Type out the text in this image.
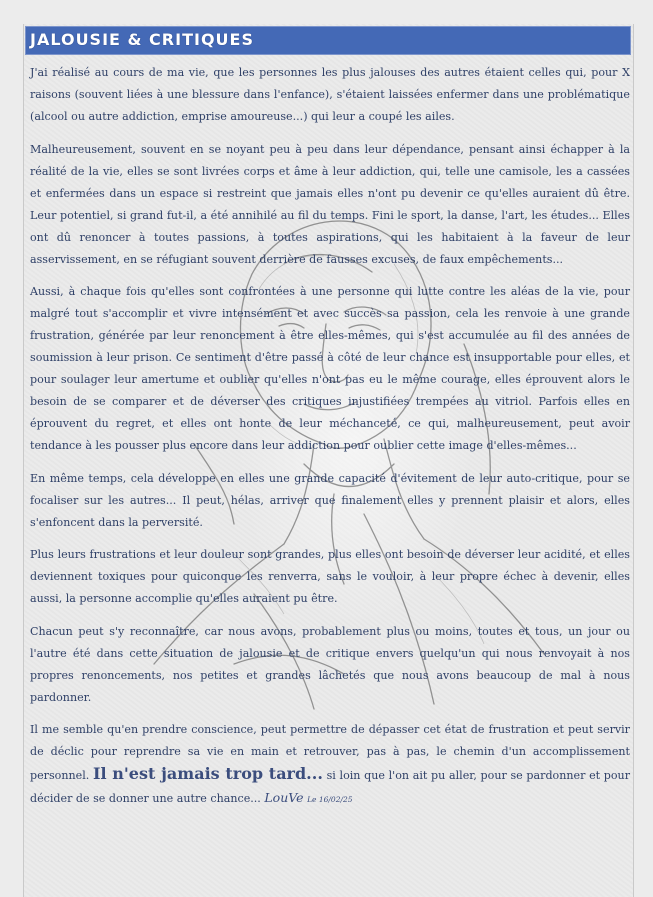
JALOUSIE & CRITIQUES

J'ai réalisé au cours de ma vie, que les personnes les plus jalouses des autres étaient celles qui, pour X raisons (souvent liées à une blessure dans l'enfance), s'étaient laissées enfermer dans une problématique (alcool ou autre addiction, emprise amoureuse...) qui leur a coupé les ailes.

Malheureusement, souvent en se noyant peu à peu dans leur dépendance, pensant ainsi échapper à la réalité de la vie, elles se sont livrées corps et âme à leur addiction, qui, telle une camisole, les a cassées et enfermées dans un espace si restreint que jamais elles n'ont pu devenir ce qu'elles auraient dû être. Leur potentiel, si grand fut-il, a été annihilé au fil du temps. Fini le sport, la danse, l'art, les études... Elles ont dû renoncer à toutes passions, à toutes aspirations, qui les habitaient à la faveur de leur asservissement, en se réfugiant souvent derrière de fausses excuses, de faux empêchements...

Aussi, à chaque fois qu'elles sont confrontées à une personne qui lutte contre les aléas de la vie, pour malgré tout s'accomplir et vivre intensément et avec succès sa passion, cela les renvoie à une grande frustration, générée par leur renoncement à être elles-mêmes, qui s'est accumulée au fil des années de soumission à leur prison. Ce sentiment d'être passé à côté de leur chance est insupportable pour elles, et pour soulager leur amertume et oublier qu'elles n'ont pas eu le même courage, elles éprouvent alors le besoin de se comparer et de déverser des critiques injustifiées trempées au vitriol. Parfois elles en éprouvent du regret, et elles ont honte de leur méchanceté, ce qui, malheureusement, peut avoir tendance à les pousser plus encore dans leur addiction pour oublier cette image d'elles-mêmes...

En même temps, cela développe en elles une grande capacité d'évitement de leur auto-critique, pour se focaliser sur les autres... Il peut, hélas, arriver que finalement elles y prennent plaisir et alors, elles s'enfoncent dans la perversité.

Plus leurs frustrations et leur douleur sont grandes, plus elles ont besoin de déverser leur acidité, et elles deviennent toxiques pour quiconque les renverra, sans le vouloir, à leur propre échec à devenir, elles aussi, la personne accomplie qu'elles auraient pu être.

Chacun peut s'y reconnaître, car nous avons, probablement plus ou moins, toutes et tous, un jour ou l'autre été dans cette situation de jalousie et de critique envers quelqu'un qui nous renvoyait à nos propres renoncements, nos petites et grandes lâchetés que nous avons beaucoup de mal à nous pardonner.

Il me semble qu'en prendre conscience, peut permettre de dépasser cet état de frustration et peut servir de déclic pour reprendre sa vie en main et retrouver, pas à pas, le chemin d'un accomplissement personnel. Il n'est jamais trop tard... si loin que l'on ait pu aller, pour se pardonner et pour décider de se donner une autre chance... LouVe Le 16/02/25
